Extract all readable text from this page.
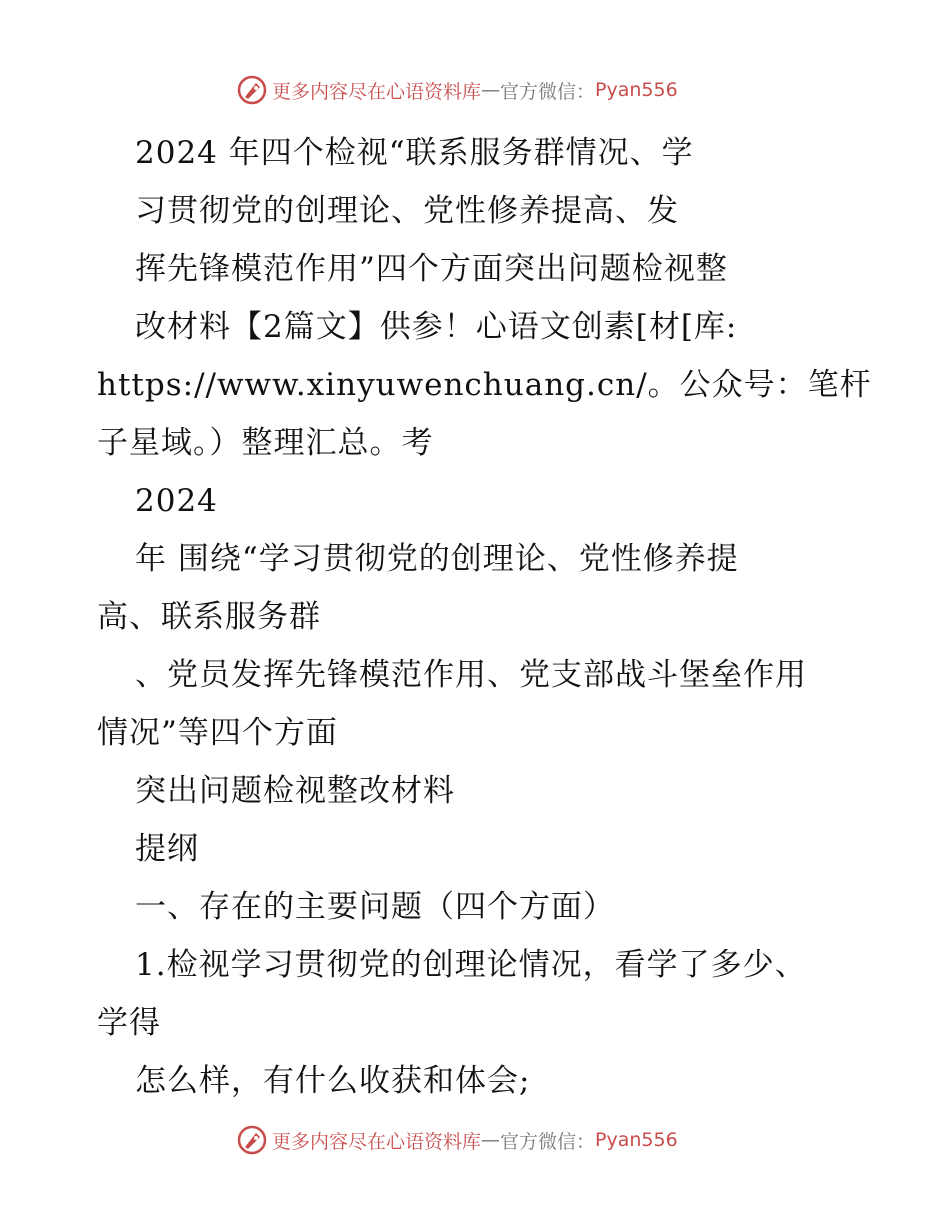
更多内容尽在心语资料库 — 官方微信： Pyan556
2024 年四个检视“联系服务群情况、学
习贯彻党的创理论、党性修养提高、发
挥先锋模范作用”四个方面突出问题检视整
改材料【2篇文】供参！心语文创素[材[库:
https://www.xinyuwenchuang.cn/。公众号：笔杆
子星域。）整理汇总。考
2024
年 围绕“学习贯彻党的创理论、党性修养提
高、联系服务群
、党员发挥先锋模范作用、党支部战斗堡垒作用
情况”等四个方面
突出问题检视整改材料
提纲
一、存在的主要问题（四个方面）
1.检视学习贯彻党的创理论情况，看学了多少、
学得
怎么样，有什么收获和体会;
更多内容尽在心语资料库 — 官方微信： Pyan556
